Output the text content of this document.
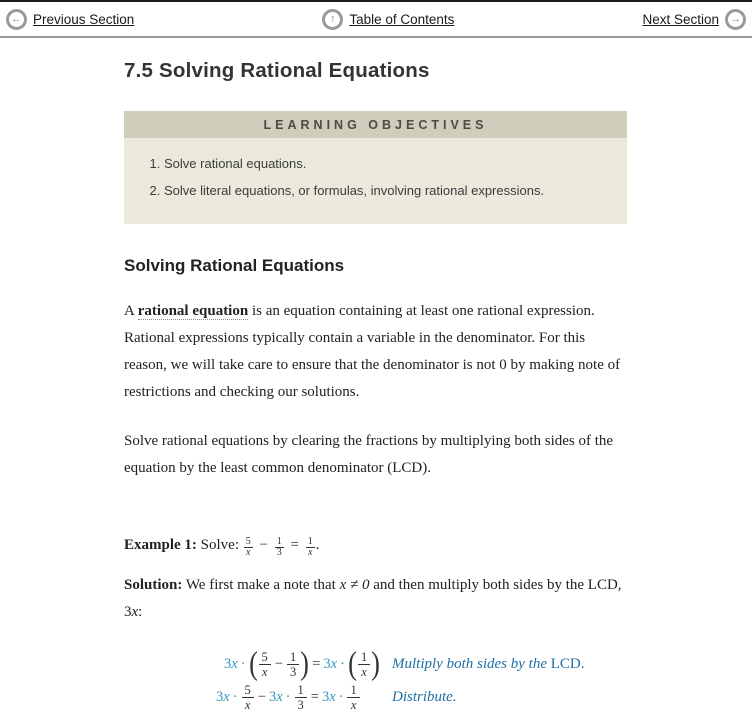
← Previous Section	↑ Table of Contents	Next Section →
7.5 Solving Rational Equations
LEARNING OBJECTIVES
1. Solve rational equations.
2. Solve literal equations, or formulas, involving rational expressions.
Solving Rational Equations

A rational equation is an equation containing at least one rational expression. Rational expressions typically contain a variable in the denominator. For this reason, we will take care to ensure that the denominator is not 0 by making note of restrictions and checking our solutions.

Solve rational equations by clearing the fractions by multiplying both sides of the equation by the least common denominator (LCD).

Example 1: Solve: $\frac{5}{x} - \frac{1}{3} = \frac{1}{x}$ .

Solution: We first make a note that x ≠ 0 and then multiply both sides by the LCD, 3x:

3x · ( $\frac{5}{x} - \frac{1}{3}$ ) = 3x · ( $\frac{1}{x}$ ) Multiply both sides by the LCD.
$3x \cdot \frac{5}{x} - 3x \cdot \frac{1}{3} = 3x \cdot \frac{1}{x}$ Distribute.
